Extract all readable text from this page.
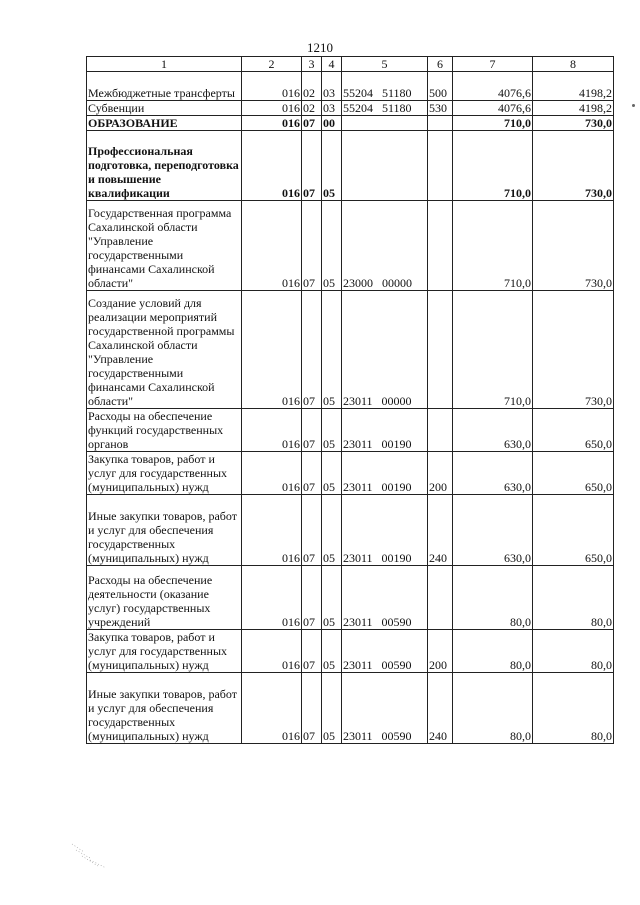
1210
1	2	3	4	5	6	7	8
Межбюджетные трансферты	016	02	03	55204 51180	500	4076,6	4198,2
Субвенции	016	02	03	55204 51180	530	4076,6	4198,2
ОБРАЗОВАНИЕ	016	07	00			710,0	730,0
Профессиональная подготовка, переподготовка и повышение квалификации	016	07	05			710,0	730,0
Государственная программа Сахалинской области "Управление государственными финансами Сахалинской области"	016	07	05	23000 00000		710,0	730,0
Создание условий для реализации мероприятий государственной программы Сахалинской области "Управление государственными финансами Сахалинской области"	016	07	05	23011 00000		710,0	730,0
Расходы на обеспечение функций государственных органов	016	07	05	23011 00190		630,0	650,0
Закупка товаров, работ и услуг для государственных (муниципальных) нужд	016	07	05	23011 00190	200	630,0	650,0
Иные закупки товаров, работ и услуг для обеспечения государственных (муниципальных) нужд	016	07	05	23011 00190	240	630,0	650,0
Расходы на обеспечение деятельности (оказание услуг) государственных учреждений	016	07	05	23011 00590		80,0	80,0
Закупка товаров, работ и услуг для государственных (муниципальных) нужд	016	07	05	23011 00590	200	80,0	80,0
Иные закупки товаров, работ и услуг для обеспечения государственных (муниципальных) нужд	016	07	05	23011 00590	240	80,0	80,0
